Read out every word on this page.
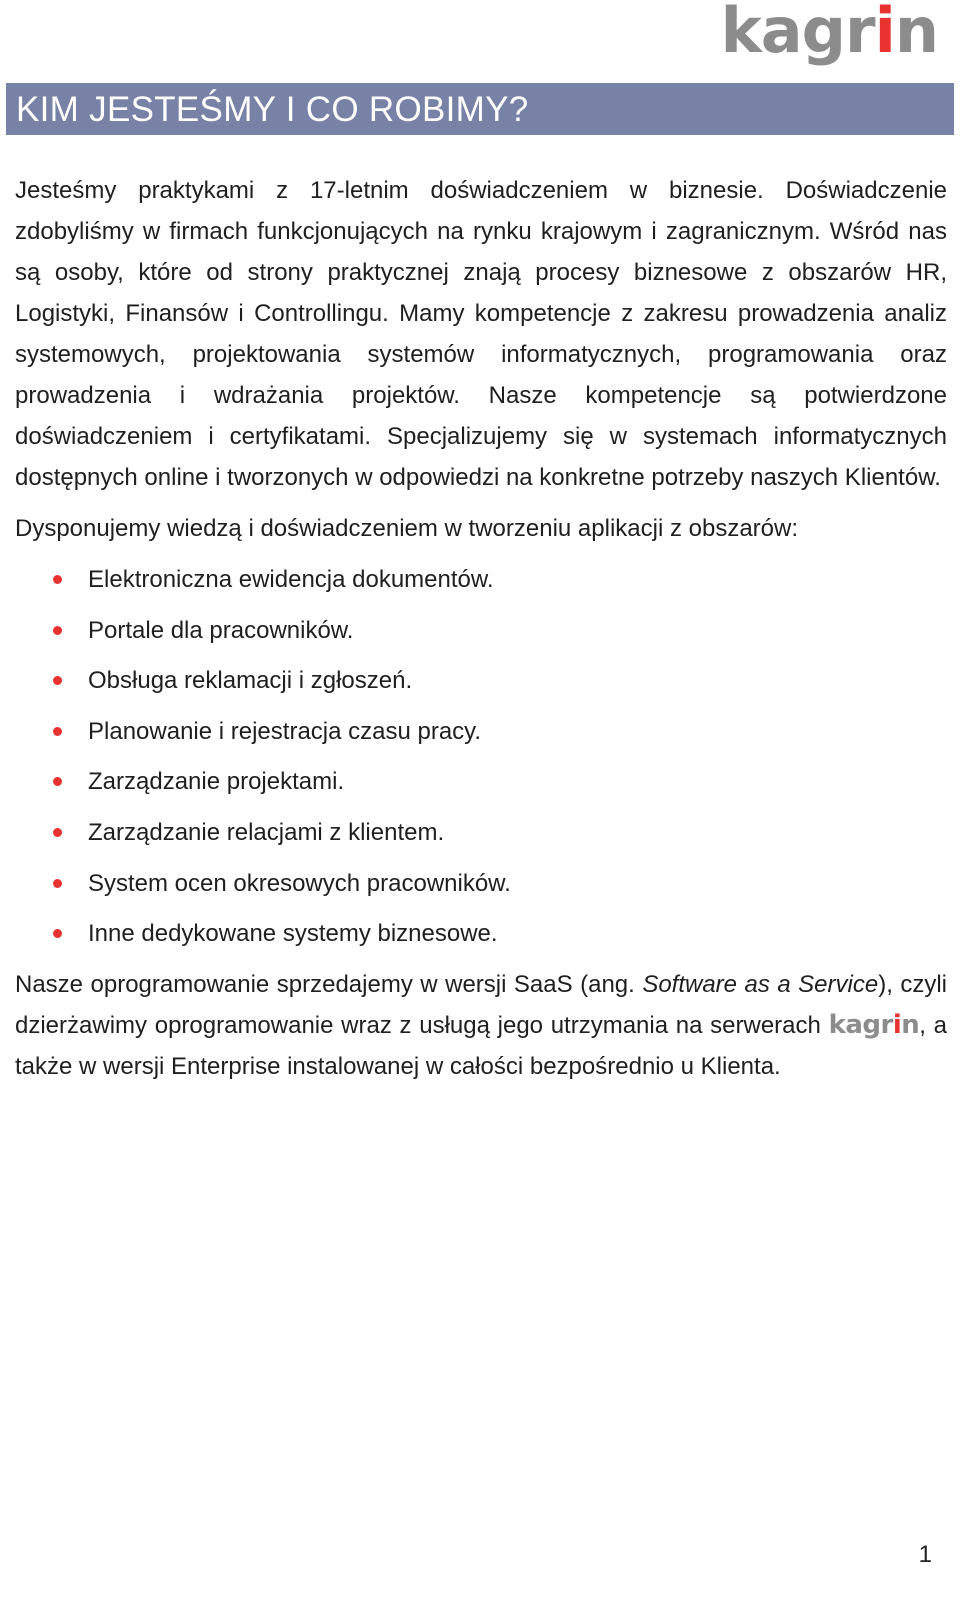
kagrin
KIM JESTEŚMY I CO ROBIMY?

Jesteśmy praktykami z 17-letnim doświadczeniem w biznesie. Doświadczenie zdobyliśmy w firmach funkcjonujących na rynku krajowym i zagranicznym. Wśród nas są osoby, które od strony praktycznej znają procesy biznesowe z obszarów HR, Logistyki, Finansów i Controllingu. Mamy kompetencje z zakresu prowadzenia analiz systemowych, projektowania systemów informatycznych, programowania oraz prowadzenia i wdrażania projektów. Nasze kompetencje są potwierdzone doświadczeniem i certyfikatami. Specjalizujemy się w systemach informatycznych dostępnych online i tworzonych w odpowiedzi na konkretne potrzeby naszych Klientów.

Dysponujemy wiedzą i doświadczeniem w tworzeniu aplikacji z obszarów:

Elektroniczna ewidencja dokumentów.
Portale dla pracowników.
Obsługa reklamacji i zgłoszeń.
Planowanie i rejestracja czasu pracy.
Zarządzanie projektami.
Zarządzanie relacjami z klientem.
System ocen okresowych pracowników.
Inne dedykowane systemy biznesowe.

Nasze oprogramowanie sprzedajemy w wersji SaaS (ang. Software as a Service), czyli dzierżawimy oprogramowanie wraz z usługą jego utrzymania na serwerach kagrin, a także w wersji Enterprise instalowanej w całości bezpośrednio u Klienta.

1
